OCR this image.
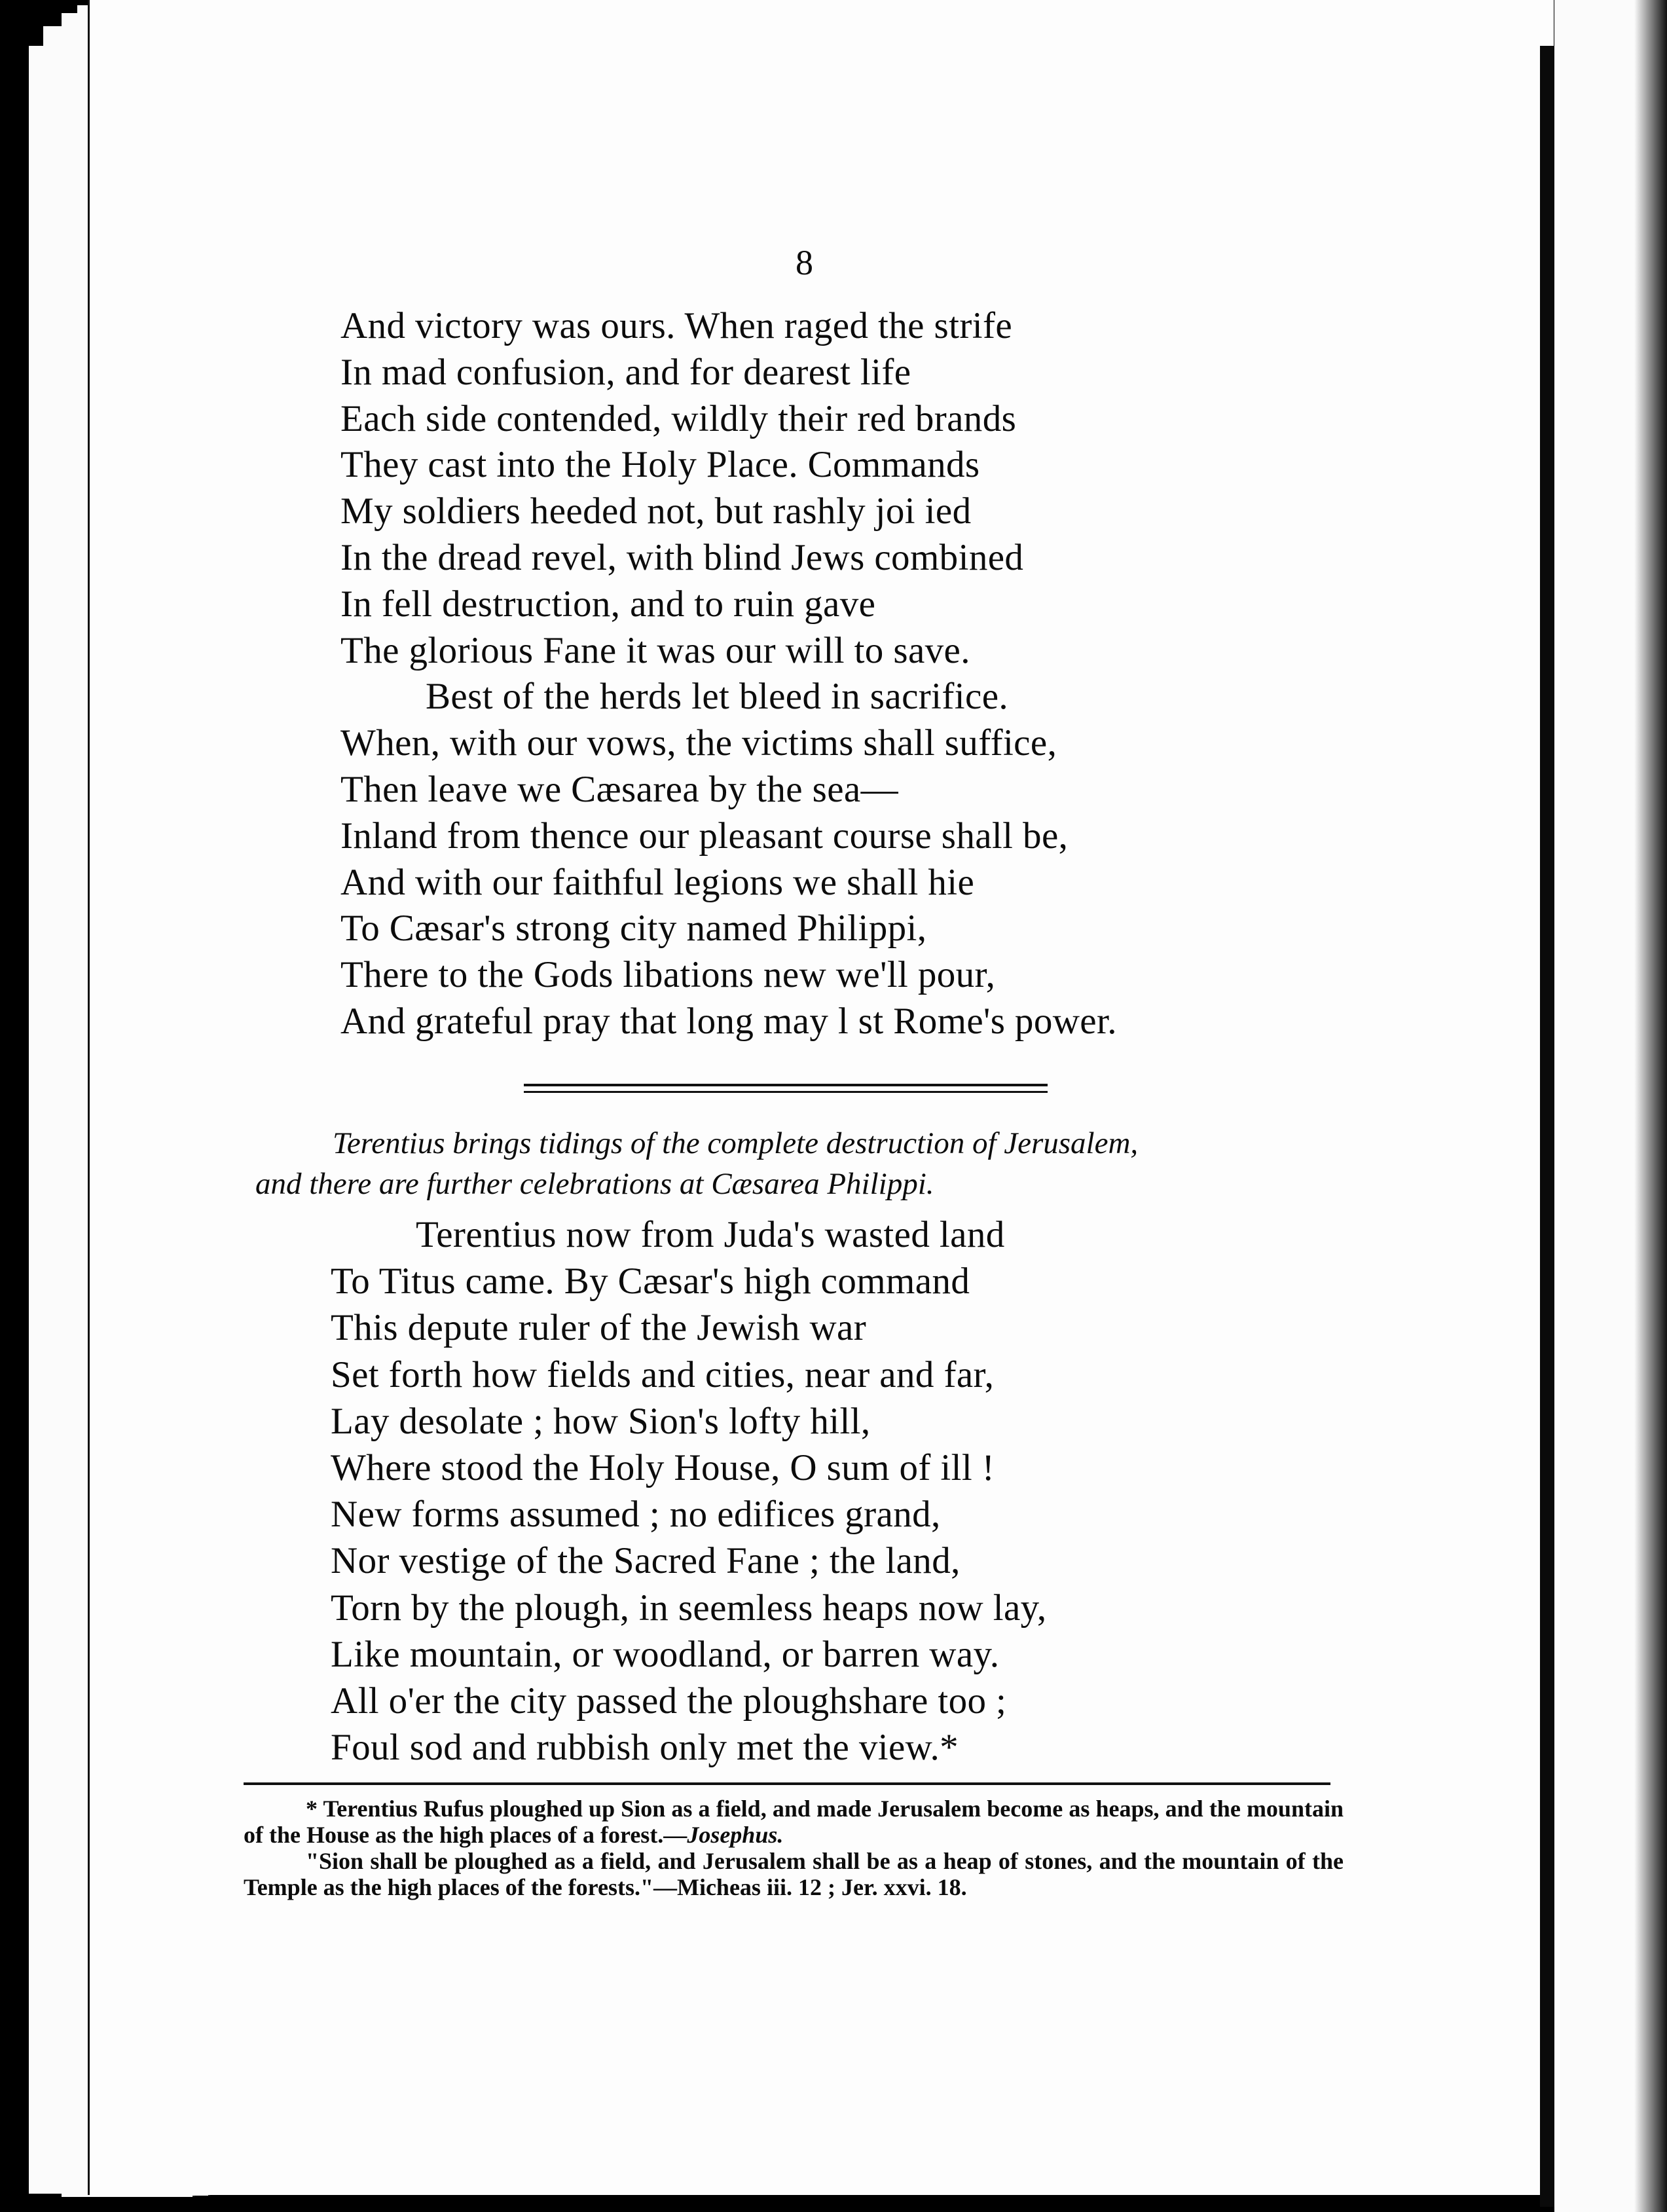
8
And victory was ours. When raged the strife
In mad confusion, and for dearest life
Each side contended, wildly their red brands
They cast into the Holy Place. Commands
My soldiers heeded not, but rashly joi ied
In the dread revel, with blind Jews combined
In fell destruction, and to ruin gave
The glorious Fane it was our will to save.
Best of the herds let bleed in sacrifice.
When, with our vows, the victims shall suffice,
Then leave we Cæsarea by the sea—
Inland from thence our pleasant course shall be,
And with our faithful legions we shall hie
To Cæsar's strong city named Philippi,
There to the Gods libations new we'll pour,
And grateful pray that long may l st Rome's power.
Terentius brings tidings of the complete destruction of Jerusalem,
and there are further celebrations at Cæsarea Philippi.
Terentius now from Juda's wasted land
To Titus came. By Cæsar's high command
This depute ruler of the Jewish war
Set forth how fields and cities, near and far,
Lay desolate ; how Sion's lofty hill,
Where stood the Holy House, O sum of ill !
New forms assumed ; no edifices grand,
Nor vestige of the Sacred Fane ; the land,
Torn by the plough, in seemless heaps now lay,
Like mountain, or woodland, or barren way.
All o'er the city passed the ploughshare too ;
Foul sod and rubbish only met the view.*

* Terentius Rufus ploughed up Sion as a field, and made Jerusalem become as heaps, and the mountain of the House as the high places of a forest.—Josephus.

"Sion shall be ploughed as a field, and Jerusalem shall be as a heap of stones, and the mountain of the Temple as the high places of the forests."—Micheas iii. 12 ; Jer. xxvi. 18.
